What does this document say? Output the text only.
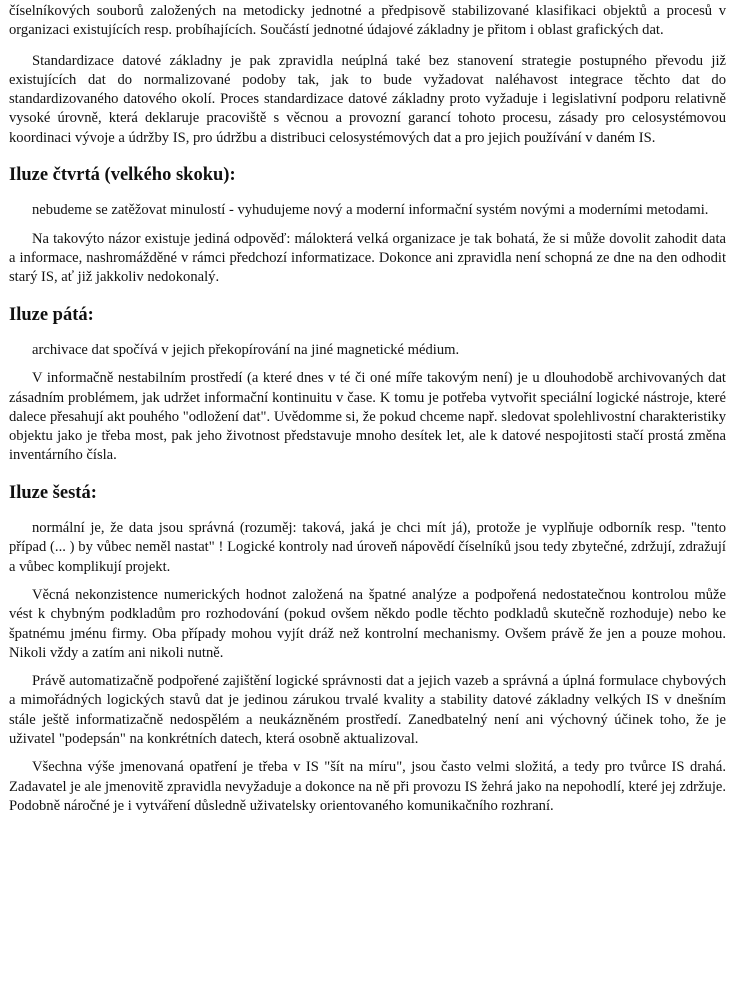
číselníkových souborů založených na metodicky jednotné a předpisově stabilizované klasifikaci objektů a procesů v organizaci existujících resp. probíhajících. Součástí jednotné údajové základny je přitom i oblast grafických dat.

Standardizace datové základny je pak zpravidla neúplná také bez stanovení strategie postupného převodu již existujících dat do normalizované podoby tak, jak to bude vyžadovat naléhavost integrace těchto dat do standardizovaného datového okolí. Proces standardizace datové základny proto vyžaduje i legislativní podporu relativně vysoké úrovně, která deklaruje pracoviště s věcnou a provozní garancí tohoto procesu, zásady pro celosystémovou koordinaci vývoje a údržby IS, pro údržbu a distribuci celosystémových dat a pro jejich používání v daném IS.

Iluze čtvrtá (velkého skoku):

nebudeme se zatěžovat minulostí - vyhudujeme nový a moderní informační systém novými a moderními metodami.

Na takovýto názor existuje jediná odpověď: málokterá velká organizace je tak bohatá, že si může dovolit zahodit data a informace, nashromážděné v rámci předchozí informatizace. Dokonce ani zpravidla není schopná ze dne na den odhodit starý IS, ať již jakkoliv nedokonalý.

Iluze pátá:

archivace dat spočívá v jejich překopírování na jiné magnetické médium.

V informačně nestabilním prostředí (a které dnes v té či oné míře takovým není) je u dlouhodobě archivovaných dat zásadním problémem, jak udržet informační kontinuitu v čase. K tomu je potřeba vytvořit speciální logické nástroje, které dalece přesahují akt pouhého "odložení dat". Uvědomme si, že pokud chceme např. sledovat spolehlivostní charakteristiky objektu jako je třeba most, pak jeho životnost představuje mnoho desítek let, ale k datové nespojitosti stačí prostá změna inventárního čísla.

Iluze šestá:

normální je, že data jsou správná (rozuměj: taková, jaká je chci mít já), protože je vyplňuje odborník resp. "tento případ (... ) by vůbec neměl nastat" ! Logické kontroly nad úroveň nápovědí číselníků jsou tedy zbytečné, zdržují, zdražují a vůbec komplikují projekt.

Věcná nekonzistence numerických hodnot založená na špatné analýze a podpořená nedostatečnou kontrolou může vést k chybným podkladům pro rozhodování (pokud ovšem někdo podle těchto podkladů skutečně rozhoduje) nebo ke špatnému jménu firmy. Oba případy mohou vyjít dráž než kontrolní mechanismy. Ovšem právě že jen a pouze mohou. Nikoli vždy a zatím ani nikoli nutně.

Právě automatizačně podpořené zajištění logické správnosti dat a jejich vazeb a správná a úplná formulace chybových a mimořádných logických stavů dat je jedinou zárukou trvalé kvality a stability datové základny velkých IS v dnešním stále ještě informatizačně nedospělém a neukázněném prostředí. Zanedbatelný není ani výchovný účinek toho, že je uživatel "podepsán" na konkrétních datech, která osobně aktualizoval.

Všechna výše jmenovaná opatření je třeba v IS "šít na míru", jsou často velmi složitá, a tedy pro tvůrce IS drahá. Zadavatel je ale jmenovitě zpravidla nevyžaduje a dokonce na ně při provozu IS žehrá jako na nepohodlí, které jej zdržuje. Podobně náročné je i vytváření důsledně uživatelsky orientovaného komunikačního rozhraní.
